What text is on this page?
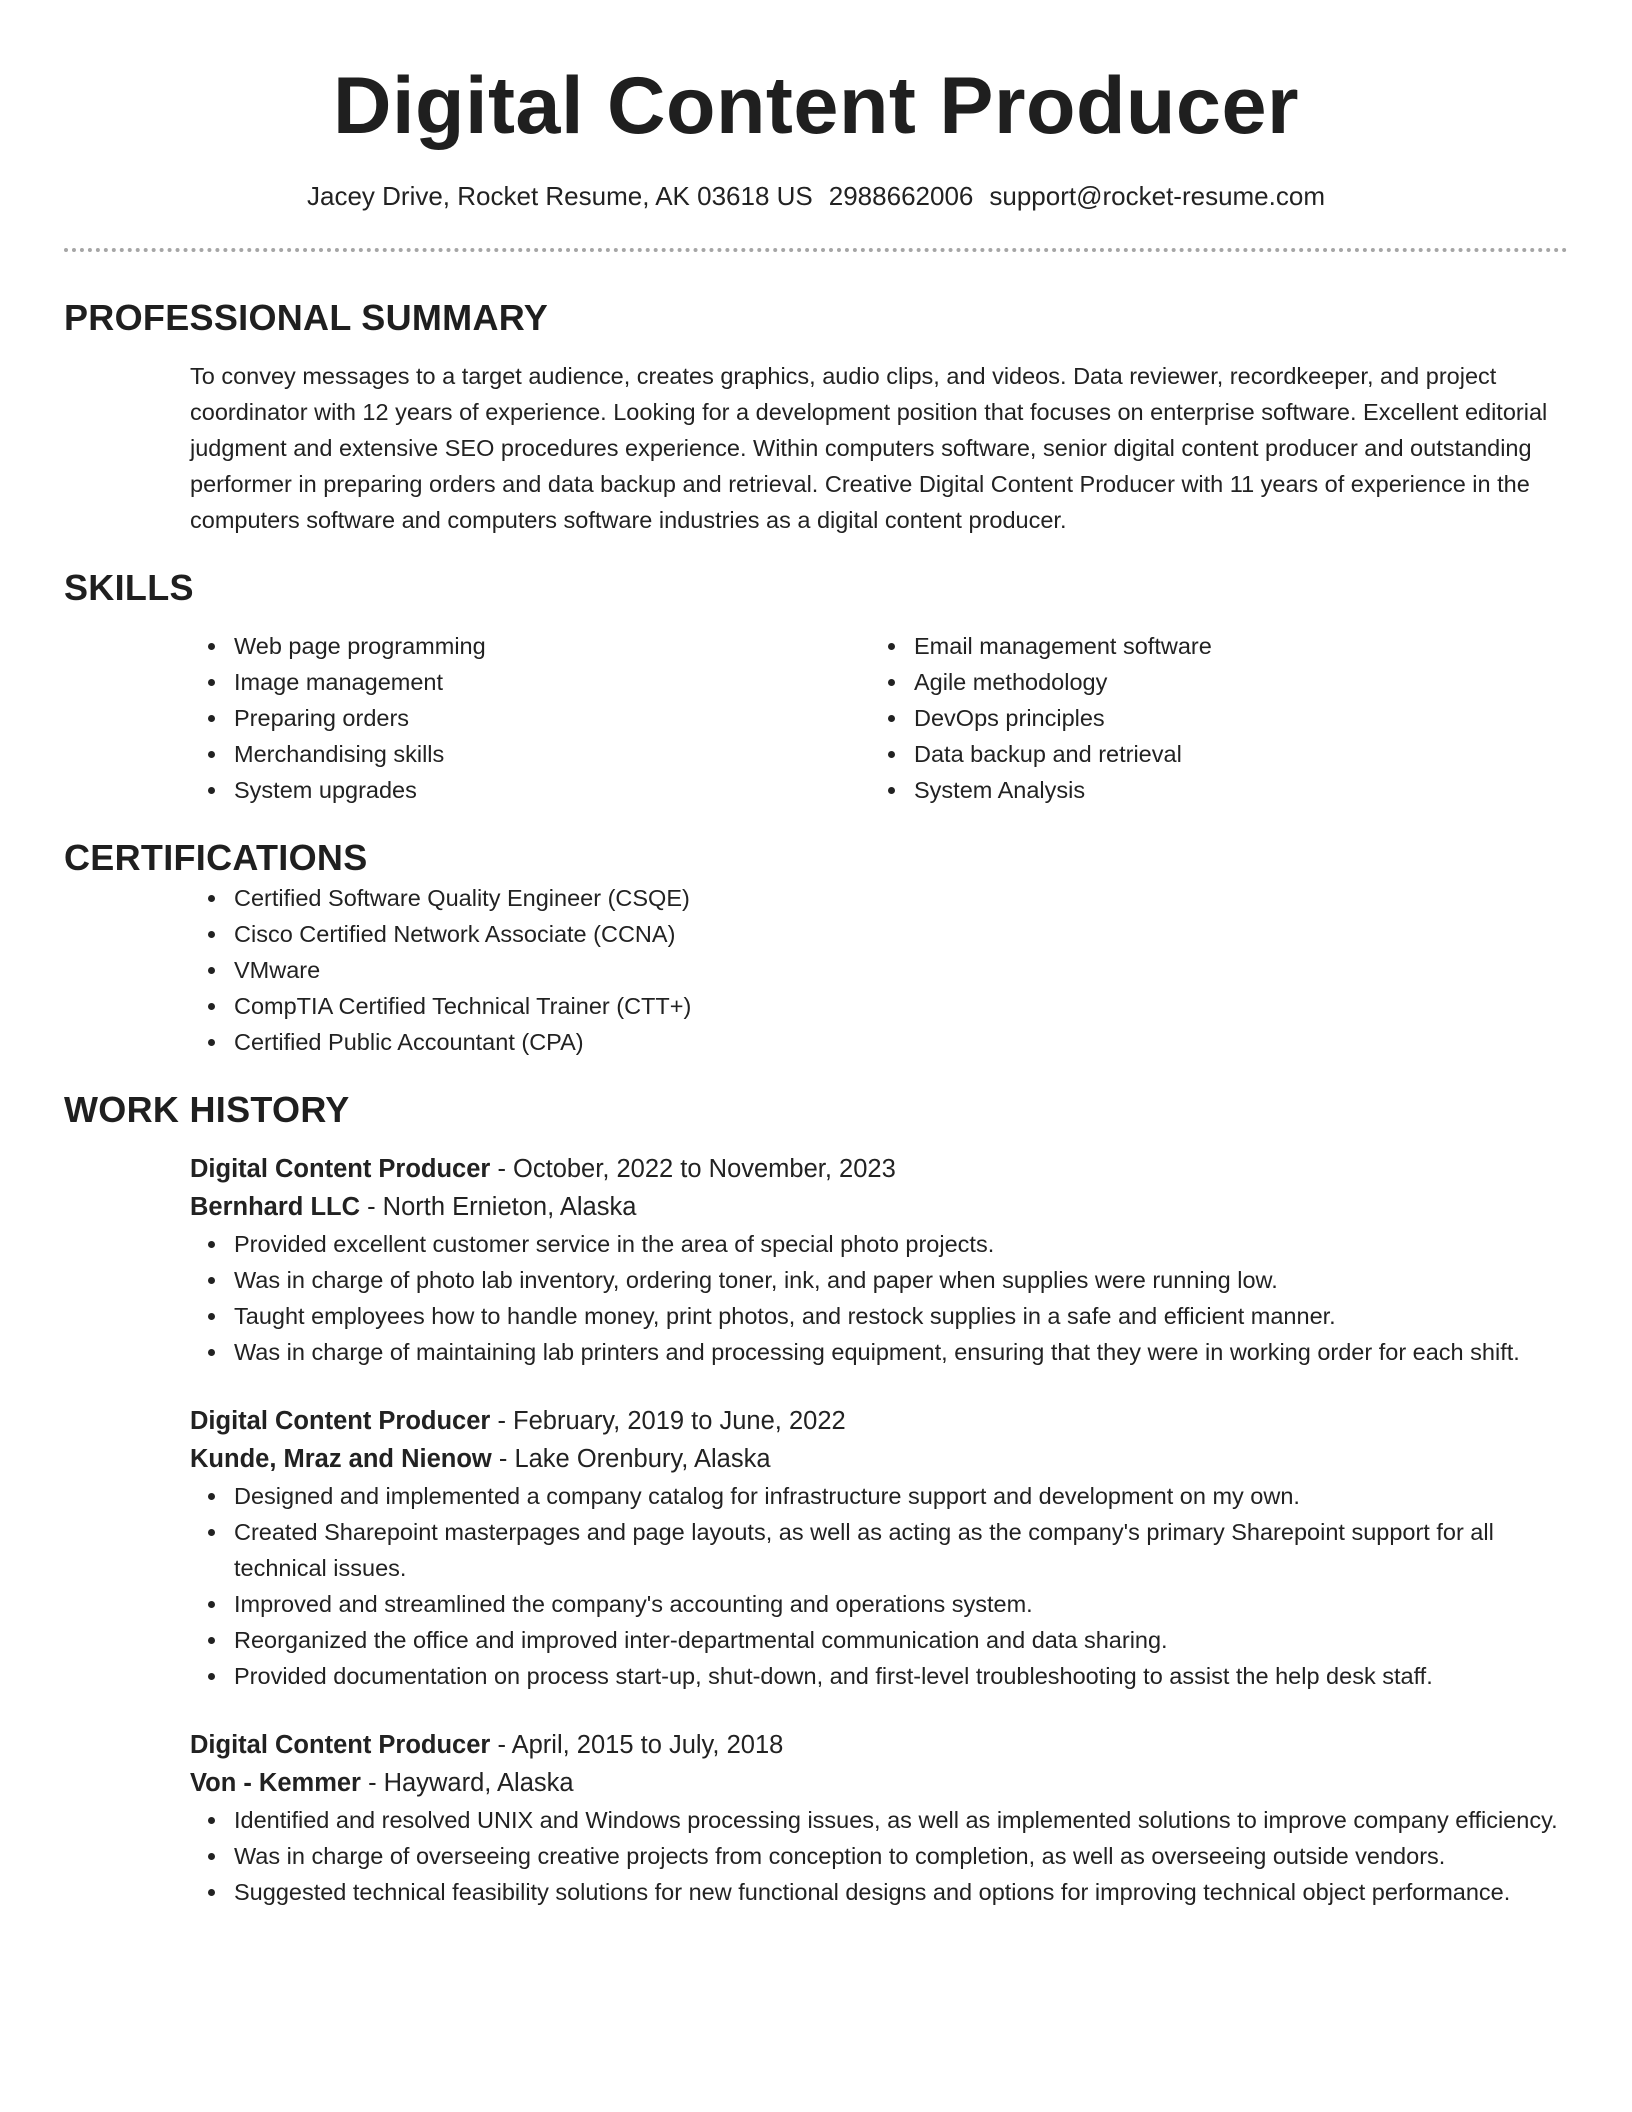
Digital Content Producer
Jacey Drive, Rocket Resume, AK 03618 US 2988662006 support@rocket-resume.com
PROFESSIONAL SUMMARY

To convey messages to a target audience, creates graphics, audio clips, and videos. Data reviewer, recordkeeper, and project coordinator with 12 years of experience. Looking for a development position that focuses on enterprise software. Excellent editorial judgment and extensive SEO procedures experience. Within computers software, senior digital content producer and outstanding performer in preparing orders and data backup and retrieval. Creative Digital Content Producer with 11 years of experience in the computers software and computers software industries as a digital content producer.

SKILLS
Web page programming
Image management
Preparing orders
Merchandising skills
System upgrades
Email management software
Agile methodology
DevOps principles
Data backup and retrieval
System Analysis
CERTIFICATIONS
Certified Software Quality Engineer (CSQE)
Cisco Certified Network Associate (CCNA)
VMware
CompTIA Certified Technical Trainer (CTT+)
Certified Public Accountant (CPA)
WORK HISTORY
Digital Content Producer - October, 2022 to November, 2023
Bernhard LLC - North Ernieton, Alaska
Provided excellent customer service in the area of special photo projects.
Was in charge of photo lab inventory, ordering toner, ink, and paper when supplies were running low.
Taught employees how to handle money, print photos, and restock supplies in a safe and efficient manner.
Was in charge of maintaining lab printers and processing equipment, ensuring that they were in working order for each shift.
Digital Content Producer - February, 2019 to June, 2022
Kunde, Mraz and Nienow - Lake Orenbury, Alaska
Designed and implemented a company catalog for infrastructure support and development on my own.
Created Sharepoint masterpages and page layouts, as well as acting as the company's primary Sharepoint support for all technical issues.
Improved and streamlined the company's accounting and operations system.
Reorganized the office and improved inter-departmental communication and data sharing.
Provided documentation on process start-up, shut-down, and first-level troubleshooting to assist the help desk staff.
Digital Content Producer - April, 2015 to July, 2018
Von - Kemmer - Hayward, Alaska
Identified and resolved UNIX and Windows processing issues, as well as implemented solutions to improve company efficiency.
Was in charge of overseeing creative projects from conception to completion, as well as overseeing outside vendors.
Suggested technical feasibility solutions for new functional designs and options for improving technical object performance.
